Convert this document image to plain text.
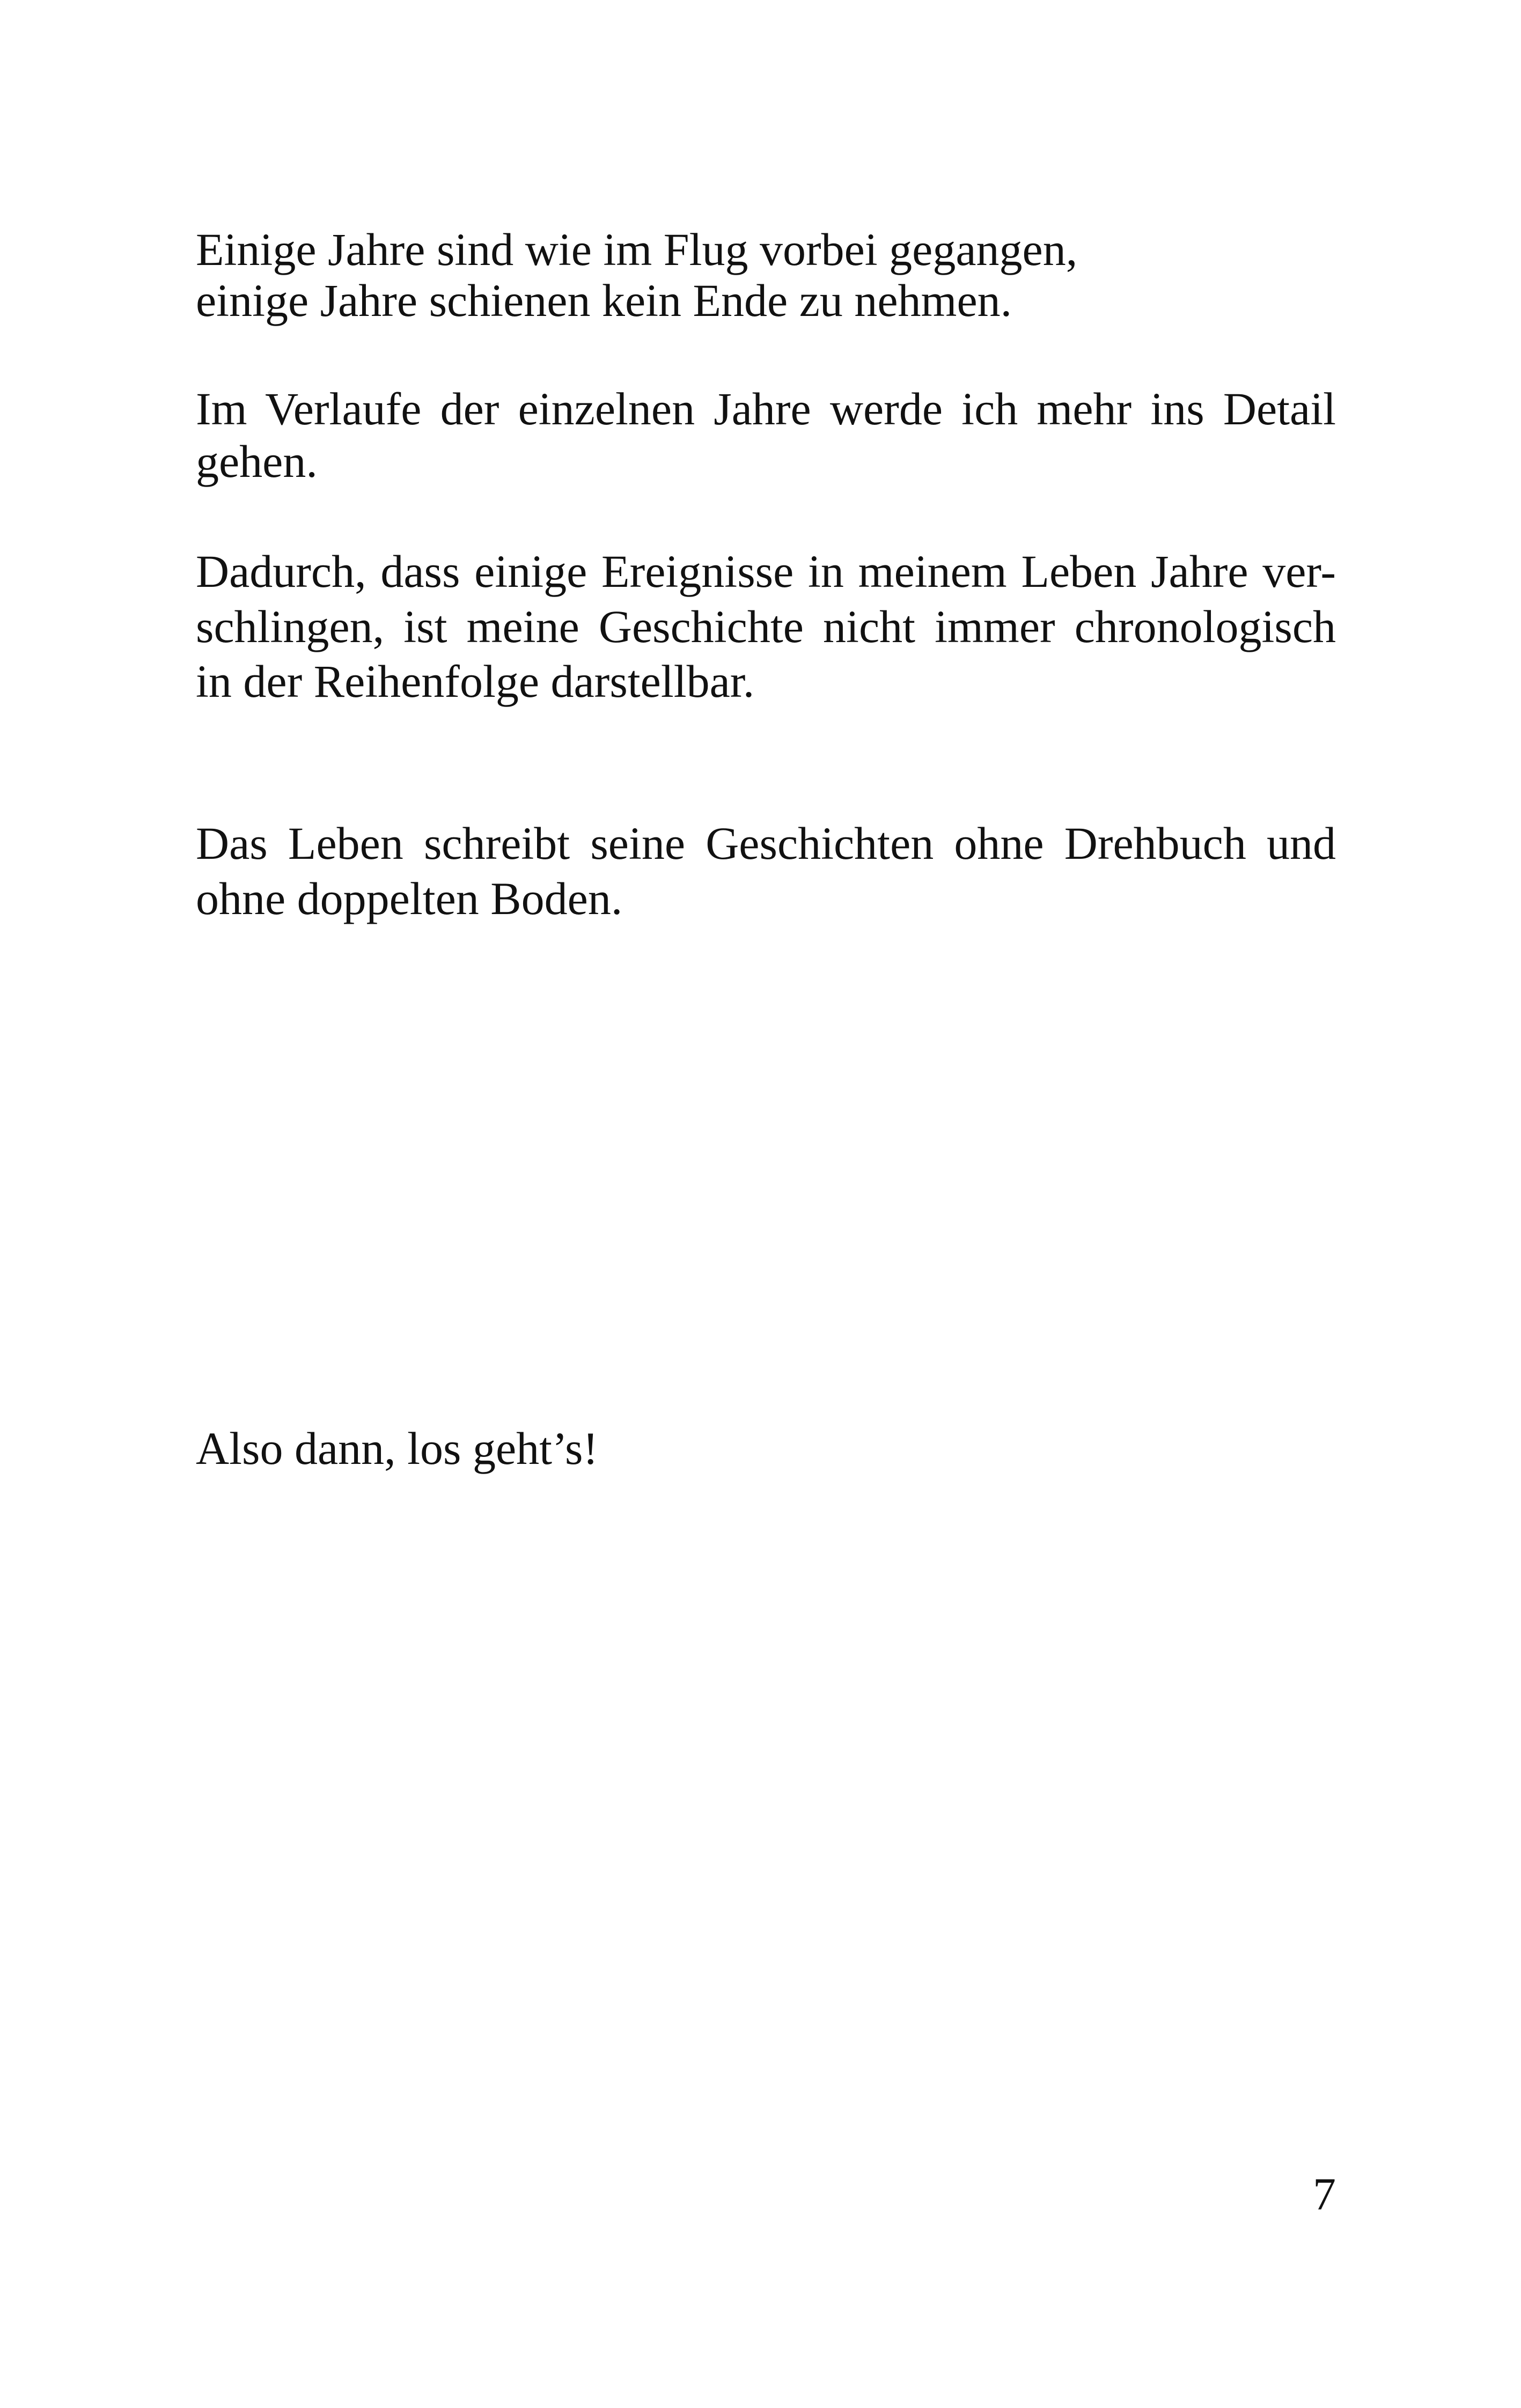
Einige Jahre sind wie im Flug vorbei gegangen,

einige Jahre schienen kein Ende zu nehmen.

Im Verlaufe der einzelnen Jahre werde ich mehr ins Detail

gehen.

Dadurch, dass einige Ereignisse in meinem Leben Jahre ver-

schlingen, ist meine Geschichte nicht immer chronologisch

in der Reihenfolge darstellbar.

Das Leben schreibt seine Geschichten ohne Drehbuch und

ohne doppelten Boden.

Also dann, los geht’s!

7
